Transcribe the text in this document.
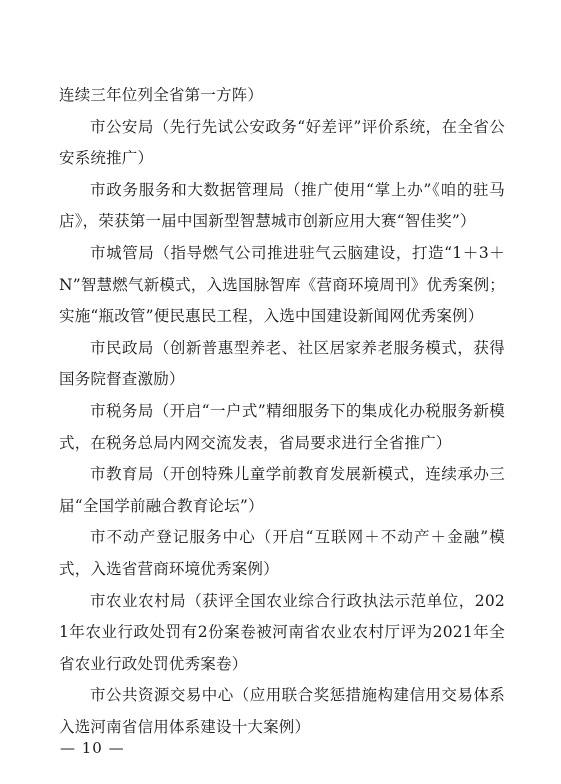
连续三年位列全省第一方阵）

市公安局（先行先试公安政务“好差评”评价系统，在全省公安系统推广）

市政务服务和大数据管理局（推广使用“掌上办”《咱的驻马店》，荣获第一届中国新型智慧城市创新应用大赛“智佳奖”）

市城管局（指导燃气公司推进驻气云脑建设，打造“1＋3＋N”智慧燃气新模式，入选国脉智库《营商环境周刊》优秀案例；实施“瓶改管”便民惠民工程，入选中国建设新闻网优秀案例）

市民政局（创新普惠型养老、社区居家养老服务模式，获得国务院督查激励）

市税务局（开启“一户式”精细服务下的集成化办税服务新模式，在税务总局内网交流发表，省局要求进行全省推广）

市教育局（开创特殊儿童学前教育发展新模式，连续承办三届“全国学前融合教育论坛”）

市不动产登记服务中心（开启“互联网＋不动产＋金融”模式，入选省营商环境优秀案例）

市农业农村局（获评全国农业综合行政执法示范单位，2021年农业行政处罚有2份案卷被河南省农业农村厅评为2021年全省农业行政处罚优秀案卷）

市公共资源交易中心（应用联合奖惩措施构建信用交易体系入选河南省信用体系建设十大案例）

— 10 —
